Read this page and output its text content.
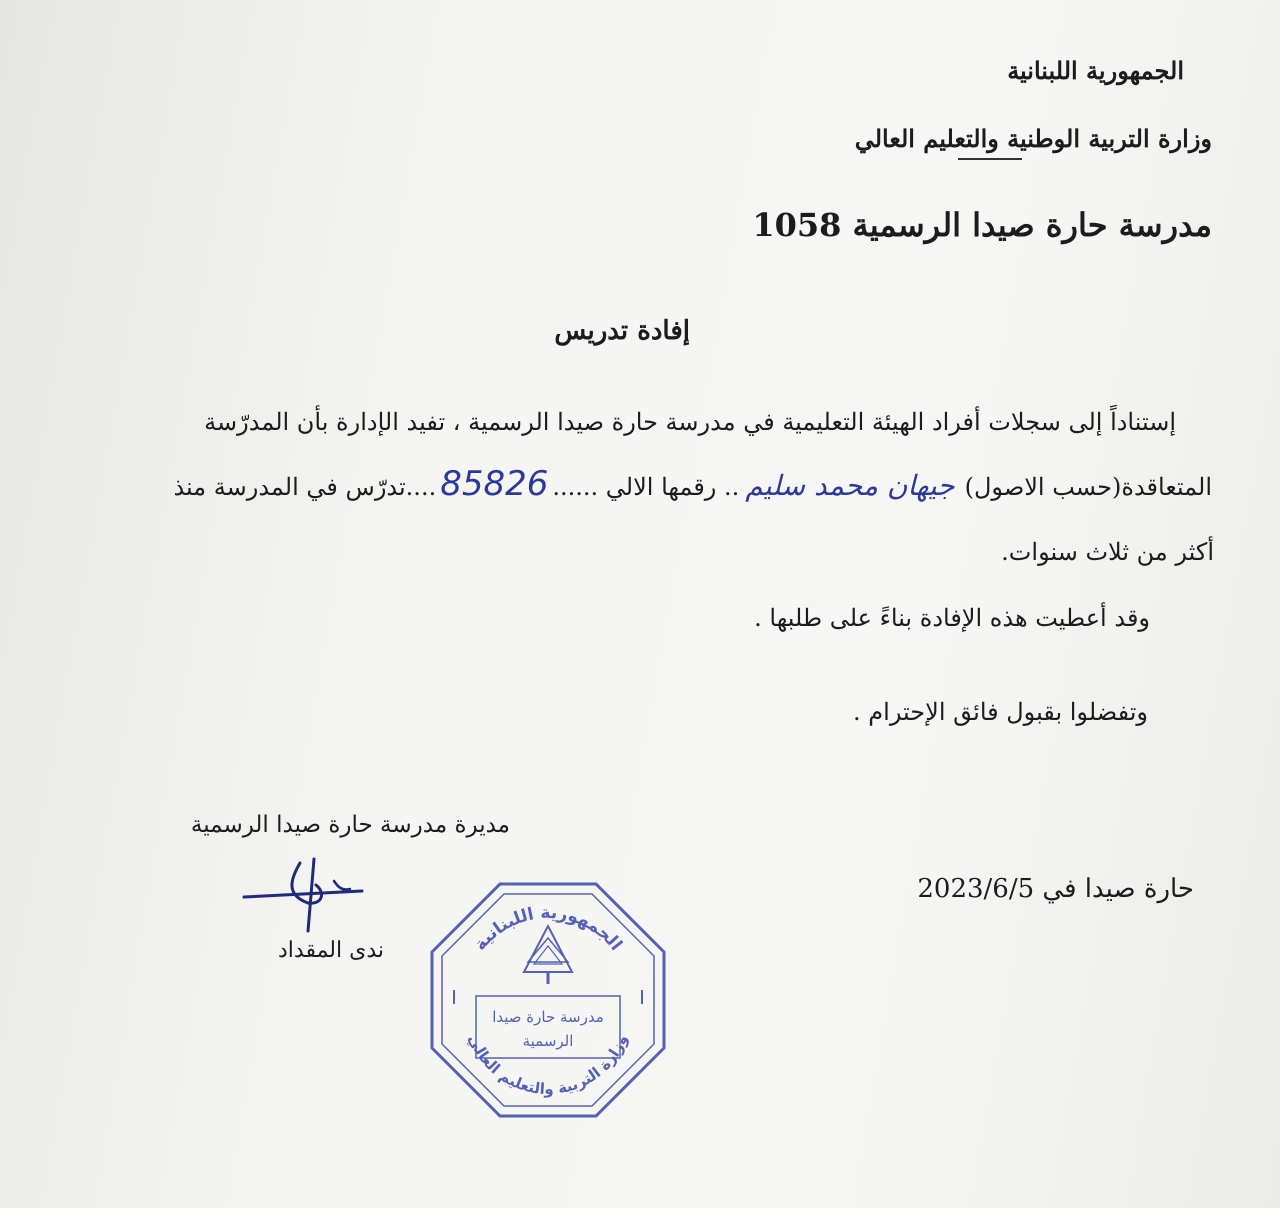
الجمهورية اللبنانية

وزارة التربية الوطنية والتعليم العالي

مدرسة حارة صيدا الرسمية 1058

إفادة تدريس

إستناداً إلى سجلات أفراد الهيئة التعليمية في مدرسة حارة صيدا الرسمية ، تفيد الإدارة بأن المدرّسة

المتعاقدة(حسب الاصول)
جيهان محمد سليم
.. رقمها الالي ......
85826
....تدرّس في المدرسة منذ

أكثر من ثلاث سنوات.

وقد أعطيت هذه الإفادة بناءً على طلبها .

وتفضلوا بقبول فائق الإحترام .

مديرة مدرسة حارة صيدا الرسمية

ندى المقداد

حارة صيدا في 2023/6/5

الجمهورية اللبنانية
وزارة التربية والتعليم العالي
مدرسة حارة صيدا
الرسمية
